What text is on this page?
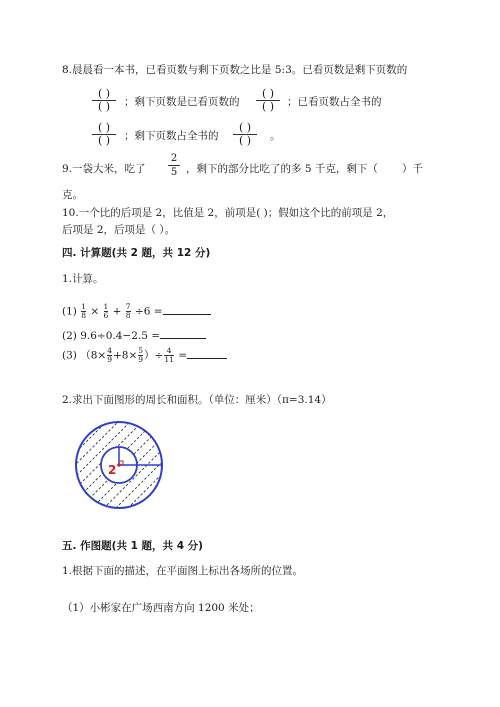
8.晨晨看一本书，已看页数与剩下页数之比是 5:3。已看页数是剩下页数的
( )
( )	；剩下页数是已看页数的
( )
( )	；已看页数占全书的
( )
( )	；剩下页数占全书的
( )
( )	。
9.一袋大米，吃了
2
5 ，剩下的部分比吃了的多 5 千克，剩下（ ）千
克。
10.一个比的后项是 2，比值是 2，前项是( )；假如这个比的前项是 2，
后项是 2，后项是（ ）。
四. 计算题(共 2 题，共 12 分)
1.计算。
$(1) \frac{1}{8} \times \frac{1}{6} + \frac{7}{8} \div 6$ =
(2) 9.6÷0.4−2.5 =
(3) $(8\times\frac{4}{9}+8\times\frac{5}{9})\div\frac{4}{11}$ =
2.求出下面图形的周长和面积。（单位：厘米）（π=3.14）
2
五. 作图题(共 1 题，共 4 分)
1.根据下面的描述，在平面图上标出各场所的位置。
（1）小彬家在广场西南方向 1200 米处；
